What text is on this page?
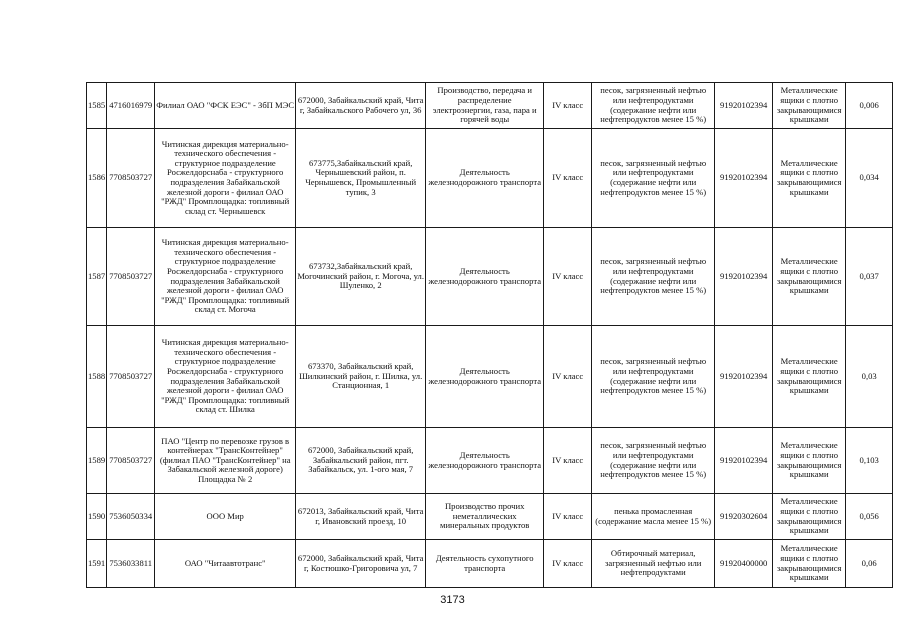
1585	4716016979	Филиал ОАО "ФСК ЕЭС" - ЗбП МЭС	672000, Забайкальский край, Чита г, Забайкальского Рабочего ул, 36	Производство, передача и распределение электроэнергии, газа, пара и горячей воды	IV класс	песок, загрязненный нефтью или нефтепродуктами (содержание нефти или нефтепродуктов менее 15 %)	91920102394	Металлические ящики с плотно закрывающимися крышками	0,006
1586	7708503727	Читинская дирекция материально-технического обеспечения - структурное подразделение Росжелдорснаба - структурного подразделения Забайкальской железной дороги - филиал ОАО "РЖД" Промплощадка: топливный склад ст. Чернышевск	673775,Забайкальский край, Чернышевский район, п. Чернышевск, Промышленный тупик, 3	Деятельность железнодорожного транспорта	IV класс	песок, загрязненный нефтью или нефтепродуктами (содержание нефти или нефтепродуктов менее 15 %)	91920102394	Металлические ящики с плотно закрывающимися крышками	0,034
1587	7708503727	Читинская дирекция материально-технического обеспечения - структурное подразделение Росжелдорснаба - структурного подразделения Забайкальской железной дороги - филиал ОАО "РЖД" Промплощадка: топливный склад ст. Могоча	673732,Забайкальский край, Могочинский район, г. Могоча, ул. Шуленко, 2	Деятельность железнодорожного транспорта	IV класс	песок, загрязненный нефтью или нефтепродуктами (содержание нефти или нефтепродуктов менее 15 %)	91920102394	Металлические ящики с плотно закрывающимися крышками	0,037
1588	7708503727	Читинская дирекция материально-технического обеспечения - структурное подразделение Росжелдорснаба - структурного подразделения Забайкальской железной дороги - филиал ОАО "РЖД" Промплощадка: топливный склад ст. Шилка	673370, Забайкальский край, Шилкинский район, г. Шилка, ул. Станционная, 1	Деятельность железнодорожного транспорта	IV класс	песок, загрязненный нефтью или нефтепродуктами (содержание нефти или нефтепродуктов менее 15 %)	91920102394	Металлические ящики с плотно закрывающимися крышками	0,03
1589	7708503727	ПАО "Центр по перевозке грузов в контейнерах "ТрансКонтейнер" (филиал ПАО "ТрансКонтейнер" на Забакальской железной дороге) Площадка № 2	672000, Забайкальский край, Забайкальский район, пгт. Забайкальск, ул. 1-ого мая, 7	Деятельность железнодорожного транспорта	IV класс	песок, загрязненный нефтью или нефтепродуктами (содержание нефти или нефтепродуктов менее 15 %)	91920102394	Металлические ящики с плотно закрывающимися крышками	0,103
1590	7536050334	ООО Мир	672013, Забайкальский край, Чита г, Ивановский проезд, 10	Производство прочих неметаллических минеральных продуктов	IV класс	пенька промасленная (содержание масла менее 15 %)	91920302604	Металлические ящики с плотно закрывающимися крышками	0,056
1591	7536033811	ОАО "Читаавтотранс"	672000, Забайкальский край, Чита г, Костюшко-Григоровича ул, 7	Деятельность сухопутного транспорта	IV класс	Обтирочный материал, загрязненный нефтью или нефтепродуктами	91920400000	Металлические ящики с плотно закрывающимися крышками	0,06
3173
